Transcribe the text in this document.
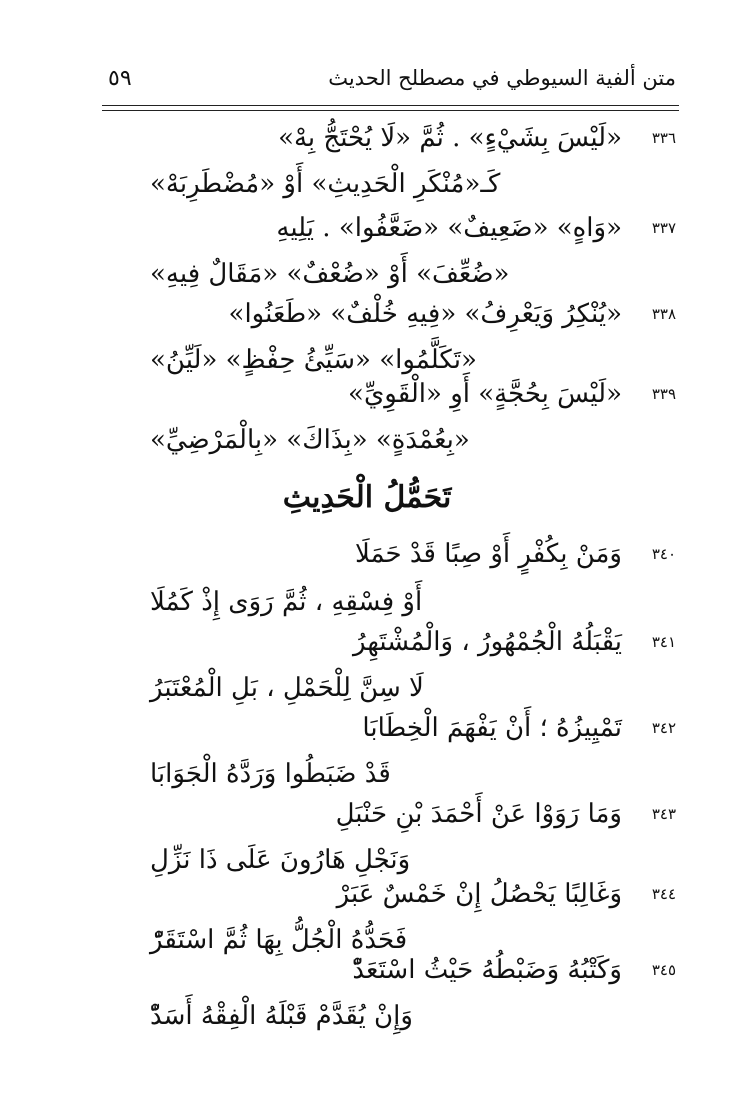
متن ألفية السيوطي في مصطلح الحديث
٥٩
٣٣٦
«لَيْسَ بِشَيْءٍ» . ثُمَّ «لَا يُحْتَجُّ بِهْ»
كَـ«مُنْكَرِ الْحَدِيثِ» أَوْ «مُضْطَرِبَهْ»
٣٣٧
«وَاهٍ» «ضَعِيفٌ» «ضَعَّفُوا» . يَلِيهِ
«ضُعِّفَ» أَوْ «ضُعْفٌ» «مَقَالٌ فِيهِ»
٣٣٨
«يُنْكِرُ وَيَعْرِفُ» «فِيهِ خُلْفٌ» «طَعَنُوا»
«تَكَلَّمُوا» «سَيِّئُ حِفْظٍ» «لَيِّنُ»
٣٣٩
«لَيْسَ بِحُجَّةٍ» أَوِ «الْقَوِيِّ»
«بِعُمْدَةٍ» «بِذَاكَ» «بِالْمَرْضِيِّ»
تَحَمُّلُ الْحَدِيثِ
٣٤٠
وَمَنْ بِكُفْرٍ أَوْ صِبًا قَدْ حَمَلَا
أَوْ فِسْقِهِ ، ثُمَّ رَوَى إِذْ كَمُلَا
٣٤١
يَقْبَلُهُ الْجُمْهُورُ ، وَالْمُشْتَهِرُ
لَا سِنَّ لِلْحَمْلِ ، بَلِ الْمُعْتَبَرُ
٣٤٢
تَمْيِيزُهُ ؛ أَنْ يَفْهَمَ الْخِطَابَا
قَدْ ضَبَطُوا وَرَدَّهُ الْجَوَابَا
٣٤٣
وَمَا رَوَوْا عَنْ أَحْمَدَ بْنِ حَنْبَلِ
وَنَجْلِ هَارُونَ عَلَى ذَا نَزِّلِ
٣٤٤
وَغَالِبًا يَحْصُلُ إِنْ خَمْسٌ عَبَرْ
فَحَدُّهُ الْجُلُّ بِهَا ثُمَّ اسْتَقَرّْ
٣٤٥
وَكَتْبُهُ وَضَبْطُهُ حَيْثُ اسْتَعَدّْ
وَإِنْ يُقَدَّمْ قَبْلَهُ الْفِقْهُ أَسَدّْ
